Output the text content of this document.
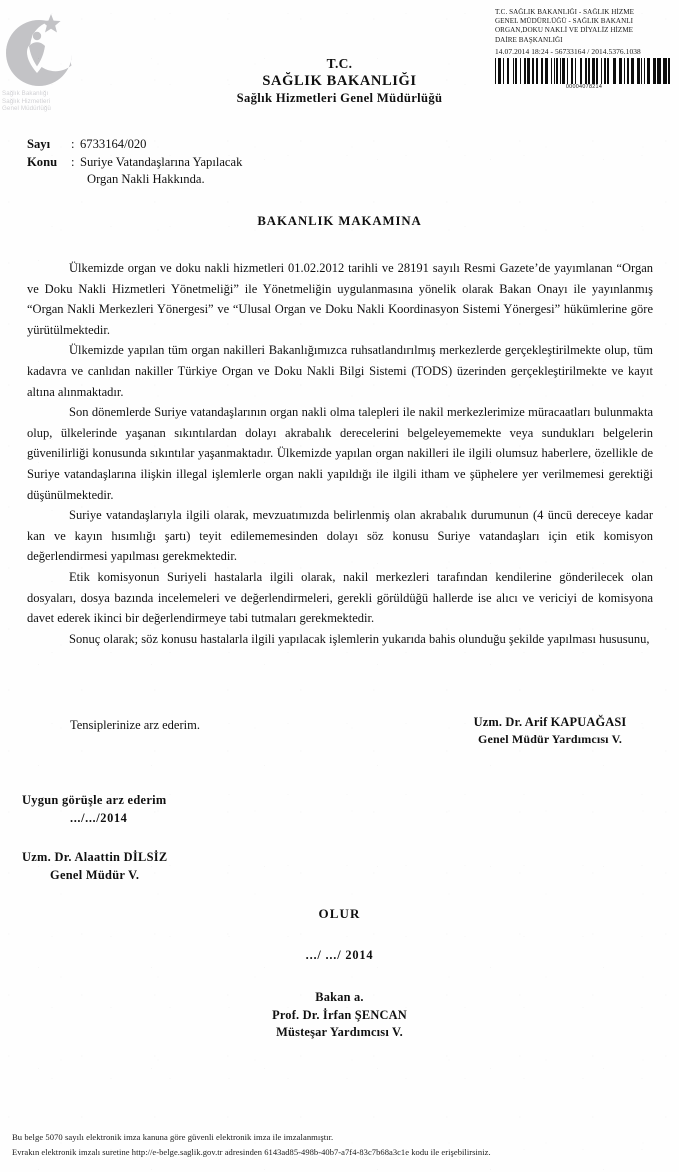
Sağlık Bakanlığı
Sağlık Hizmetleri
Genel Müdürlüğü
T.C. SAĞLIK BAKANLIĞI - SAĞLIK HİZME
GENEL MÜDÜRLÜĞÜ - SAĞLIK BAKANLI
ORGAN,DOKU NAKLİ VE DİYALİZ HİZME
DAİRE BAŞKANLIĞI
14.07.2014 18:24 - 56733164 / 2014.5376.1038
00004078214
T.C.
SAĞLIK BAKANLIĞI
Sağlık Hizmetleri Genel Müdürlüğü
Sayı	: 6733164/020
Konu	: Suriye Vatandaşlarına Yapılacak
Organ Nakli Hakkında.
BAKANLIK MAKAMINA

Ülkemizde organ ve doku nakli hizmetleri 01.02.2012 tarihli ve 28191 sayılı Resmi Gazete’de yayımlanan “Organ ve Doku Nakli Hizmetleri Yönetmeliği” ile Yönetmeliğin uygulanmasına yönelik olarak Bakan Onayı ile yayınlanmış “Organ Nakli Merkezleri Yönergesi” ve “Ulusal Organ ve Doku Nakli Koordinasyon Sistemi Yönergesi” hükümlerine göre yürütülmektedir.

Ülkemizde yapılan tüm organ nakilleri Bakanlığımızca ruhsatlandırılmış merkezlerde gerçekleştirilmekte olup, tüm kadavra ve canlıdan nakiller Türkiye Organ ve Doku Nakli Bilgi Sistemi (TODS) üzerinden gerçekleştirilmekte ve kayıt altına alınmaktadır.

Son dönemlerde Suriye vatandaşlarının organ nakli olma talepleri ile nakil merkezlerimize müracaatları bulunmakta olup, ülkelerinde yaşanan sıkıntılardan dolayı akrabalık derecelerini belgeleyememekte veya sundukları belgelerin güvenilirliği konusunda sıkıntılar yaşanmaktadır. Ülkemizde yapılan organ nakilleri ile ilgili olumsuz haberlere, özellikle de Suriye vatandaşlarına ilişkin illegal işlemlerle organ nakli yapıldığı ile ilgili itham ve şüphelere yer verilmemesi gerektiği düşünülmektedir.

Suriye vatandaşlarıyla ilgili olarak, mevzuatımızda belirlenmiş olan akrabalık durumunun (4 üncü dereceye kadar kan ve kayın hısımlığı şartı) teyit edilememesinden dolayı söz konusu Suriye vatandaşları için etik komisyon değerlendirmesi yapılması gerekmektedir.

Etik komisyonun Suriyeli hastalarla ilgili olarak, nakil merkezleri tarafından kendilerine gönderilecek olan dosyaları, dosya bazında incelemeleri ve değerlendirmeleri, gerekli görüldüğü hallerde ise alıcı ve vericiyi de komisyona davet ederek ikinci bir değerlendirmeye tabi tutmaları gerekmektedir.

Sonuç olarak; söz konusu hastalarla ilgili yapılacak işlemlerin yukarıda bahis olunduğu şekilde yapılması hususunu,

Tensiplerinize arz ederim.	Uzm. Dr. Arif KAPUAĞASI
Genel Müdür Yardımcısı V.
Uygun görüşle arz ederim
.../.../2014
Uzm. Dr. Alaattin DİLSİZ
Genel Müdür V.
OLUR
.../ .../ 2014
Bakan a.
Prof. Dr. İrfan ŞENCAN
Müsteşar Yardımcısı V.
Bu belge 5070 sayılı elektronik imza kanuna göre güvenli elektronik imza ile imzalanmıştır.
Evrakın elektronik imzalı suretine http://e-belge.saglik.gov.tr adresinden 6143ad85-498b-40b7-a7f4-83c7b68a3c1e kodu ile erişebilirsiniz.
